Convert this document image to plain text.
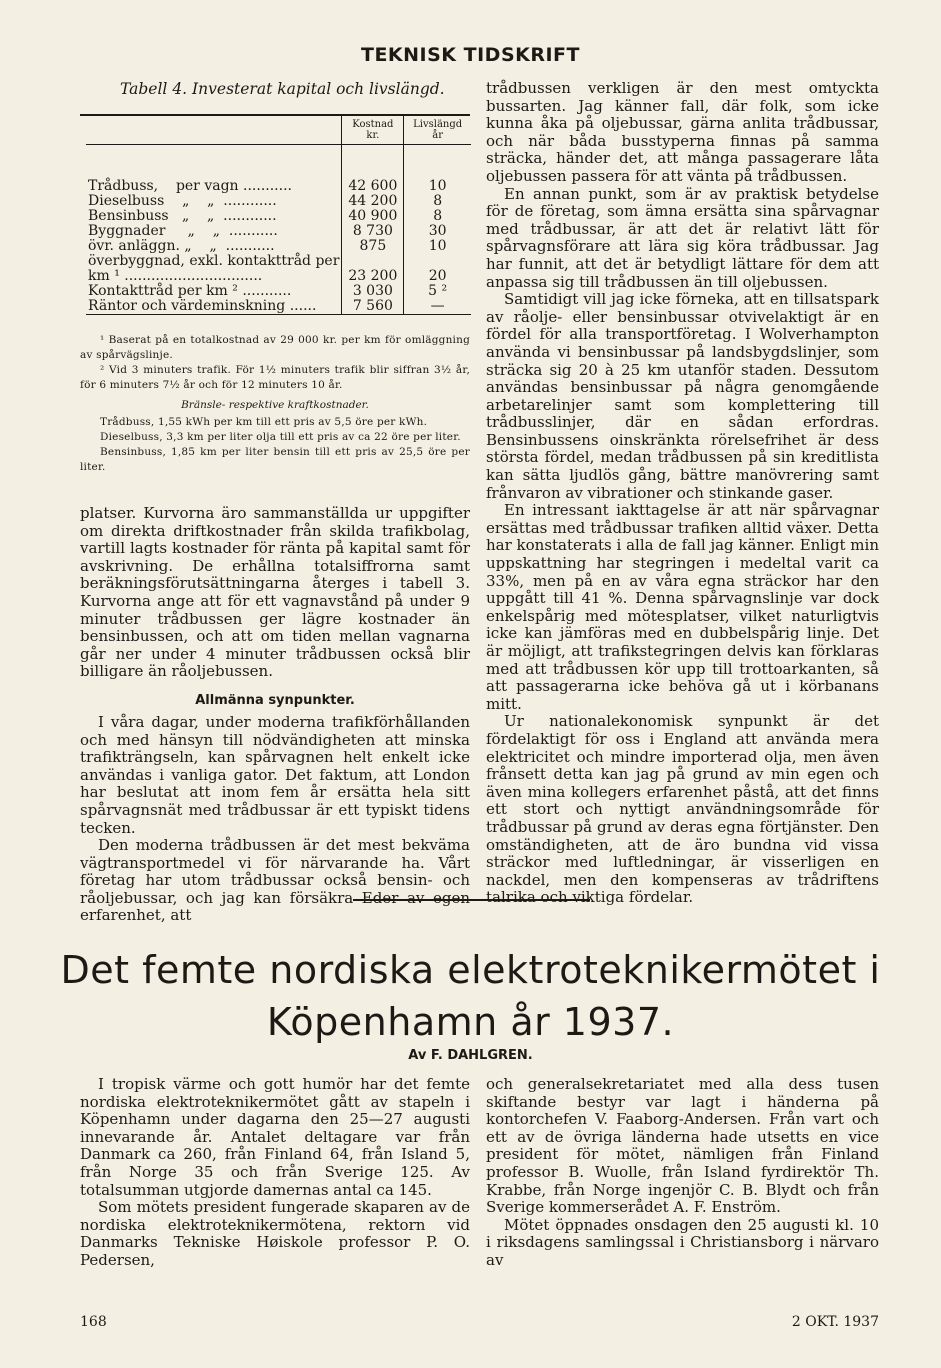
TEKNISK TIDSKRIFT
Tabell 4. Investerat kapital och livslängd.
	Kostnad kr.	Livslängd år

Trådbuss,    per vagn ...........	42 600	10
Dieselbuss    „    „  ............	44 200	8
Bensinbuss   „    „  ............	40 900	8
Byggnader     „    „  ...........	8 730	30
övr. anläggn. „    „  ...........	875	10
överbyggnad, exkl. kontakttråd per		
km ¹ ...............................	23 200	20
Kontakttråd per km ² ...........	3 030	5 ²
Räntor och värdeminskning ......	7 560	—

¹ Baserat på en totalkostnad av 29 000 kr. per km för omläggning av spårvägslinje.

² Vid 3 minuters trafik. För 1½ minuters trafik blir siffran 3½ år, för 6 minuters 7½ år och för 12 minuters 10 år.

Bränsle- respektive kraftkostnader.

Trådbuss, 1,55 kWh per km till ett pris av 5,5 öre per kWh.

Dieselbuss, 3,3 km per liter olja till ett pris av ca 22 öre per liter.

Bensinbuss, 1,85 km per liter bensin till ett pris av 25,5 öre per liter.

platser. Kurvorna äro sammanställda ur uppgifter om direkta driftkostnader från skilda trafikbolag, vartill lagts kostnader för ränta på kapital samt för avskrivning. De erhållna totalsiffrorna samt beräkningsförutsättningarna återges i tabell 3. Kurvorna ange att för ett vagnavstånd på under 9 minuter trådbussen ger lägre kostnader än bensinbussen, och att om tiden mellan vagnarna går ner under 4 minuter trådbussen också blir billigare än råoljebussen.

Allmänna synpunkter.

I våra dagar, under moderna trafikförhållanden och med hänsyn till nödvändigheten att minska trafikträngseln, kan spårvagnen helt enkelt icke användas i vanliga gator. Det faktum, att London har beslutat att inom fem år ersätta hela sitt spårvagnsnät med trådbussar är ett typiskt tidens tecken.

Den moderna trådbussen är det mest bekväma vägtransportmedel vi för närvarande ha. Vårt företag har utom trådbussar också bensin- och råoljebussar, och jag kan försäkra Eder av egen erfarenhet, att

trådbussen verkligen är den mest omtyckta bussarten. Jag känner fall, där folk, som icke kunna åka på oljebussar, gärna anlita trådbussar, och när båda busstyperna finnas på samma sträcka, händer det, att många passagerare låta oljebussen passera för att vänta på trådbussen.

En annan punkt, som är av praktisk betydelse för de företag, som ämna ersätta sina spårvagnar med trådbussar, är att det är relativt lätt för spårvagnsförare att lära sig köra trådbussar. Jag har funnit, att det är betydligt lättare för dem att anpassa sig till trådbussen än till oljebussen.

Samtidigt vill jag icke förneka, att en tillsatspark av råolje- eller bensinbussar otvivelaktigt är en fördel för alla transportföretag. I Wolverhampton använda vi bensinbussar på landsbygdslinjer, som sträcka sig 20 à 25 km utanför staden. Dessutom användas bensinbussar på några genomgående arbetarelinjer samt som komplettering till trådbusslinjer, där en sådan erfordras. Bensinbussens oinskränkta rörelsefrihet är dess största fördel, medan trådbussen på sin kreditlista kan sätta ljudlös gång, bättre manövrering samt frånvaron av vibrationer och stinkande gaser.

En intressant iakttagelse är att när spårvagnar ersättas med trådbussar trafiken alltid växer. Detta har konstaterats i alla de fall jag känner. Enligt min uppskattning har stegringen i medeltal varit ca 33%, men på en av våra egna sträckor har den uppgått till 41 %. Denna spårvagnslinje var dock enkelspårig med mötesplatser, vilket naturligtvis icke kan jämföras med en dubbelspårig linje. Det är möjligt, att trafikstegringen delvis kan förklaras med att trådbussen kör upp till trottoarkanten, så att passagerarna icke behöva gå ut i körbanans mitt.

Ur nationalekonomisk synpunkt är det fördelaktigt för oss i England att använda mera elektricitet och mindre importerad olja, men även frånsett detta kan jag på grund av min egen och även mina kollegers erfarenhet påstå, att det finns ett stort och nyttigt användningsområde för trådbussar på grund av deras egna förtjänster. Den omständigheten, att de äro bundna vid vissa sträckor med luftledningar, är visserligen en nackdel, men den kompenseras av trådriftens talrika och viktiga fördelar.

Det femte nordiska elektroteknikermötet i Köpenhamn år 1937.
Av F. DAHLGREN.

I tropisk värme och gott humör har det femte nordiska elektroteknikermötet gått av stapeln i Köpenhamn under dagarna den 25—27 augusti innevarande år. Antalet deltagare var från Danmark ca 260, från Finland 64, från Island 5, från Norge 35 och från Sverige 125. Av totalsumman utgjorde damernas antal ca 145.

Som mötets president fungerade skaparen av de nordiska elektroteknikermötena, rektorn vid Danmarks Tekniske Høiskole professor P. O. Pedersen,

och generalsekretariatet med alla dess tusen skiftande bestyr var lagt i händerna på kontorchefen V. Faaborg-Andersen. Från vart och ett av de övriga länderna hade utsetts en vice president för mötet, nämligen från Finland professor B. Wuolle, från Island fyrdirektör Th. Krabbe, från Norge ingenjör C. B. Blydt och från Sverige kommerserådet A. F. Enström.

Mötet öppnades onsdagen den 25 augusti kl. 10 i riksdagens samlingssal i Christiansborg i närvaro av

168	2 OKT. 1937
